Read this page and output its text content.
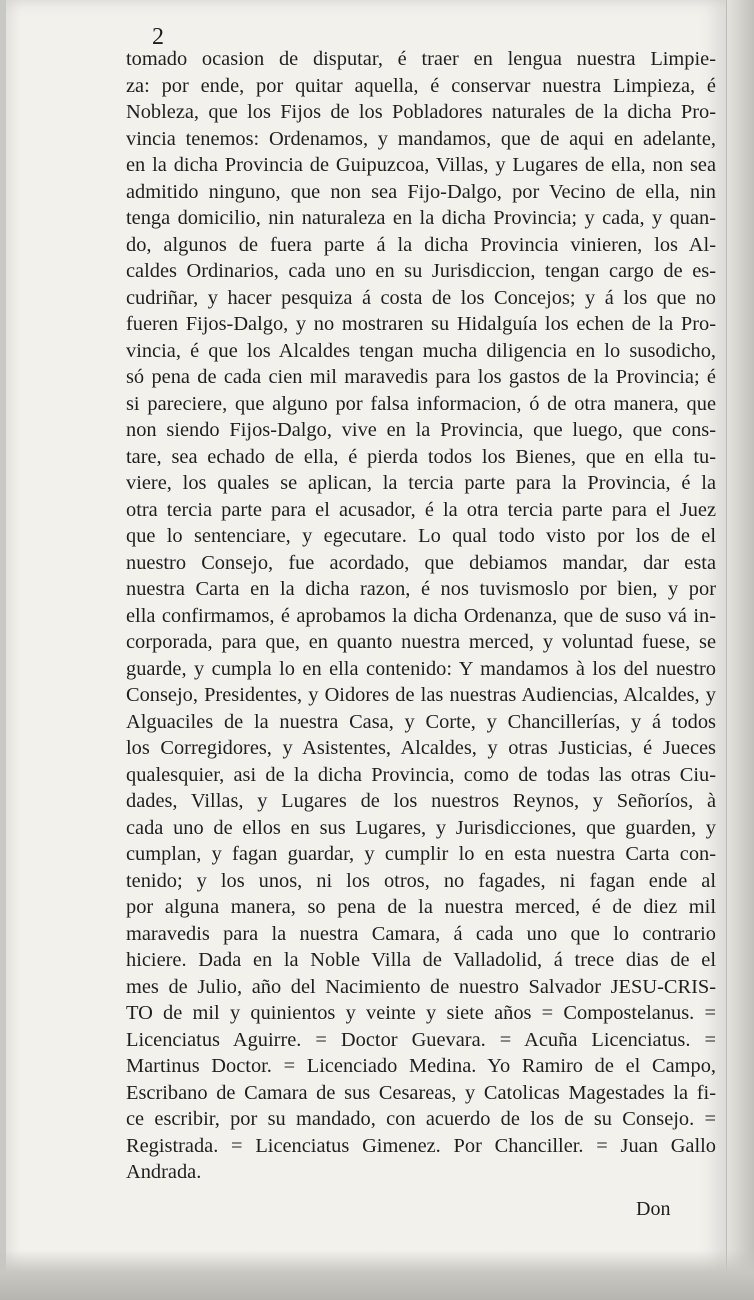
2
tomado ocasion de disputar, é traer en lengua nuestra Limpie-
za: por ende, por quitar aquella, é conservar nuestra Limpieza, é
Nobleza, que los Fijos de los Pobladores naturales de la dicha Pro-
vincia tenemos: Ordenamos, y mandamos, que de aqui en adelante,
en la dicha Provincia de Guipuzcoa, Villas, y Lugares de ella, non sea
admitido ninguno, que non sea Fijo-Dalgo, por Vecino de ella, nin
tenga domicilio, nin naturaleza en la dicha Provincia; y cada, y quan-
do, algunos de fuera parte á la dicha Provincia vinieren, los Al-
caldes Ordinarios, cada uno en su Jurisdiccion, tengan cargo de es-
cudriñar, y hacer pesquiza á costa de los Concejos; y á los que no
fueren Fijos-Dalgo, y no mostraren su Hidalguía los echen de la Pro-
vincia, é que los Alcaldes tengan mucha diligencia en lo susodicho,
só pena de cada cien mil maravedis para los gastos de la Provincia; é
si pareciere, que alguno por falsa informacion, ó de otra manera, que
non siendo Fijos-Dalgo, vive en la Provincia, que luego, que cons-
tare, sea echado de ella, é pierda todos los Bienes, que en ella tu-
viere, los quales se aplican, la tercia parte para la Provincia, é la
otra tercia parte para el acusador, é la otra tercia parte para el Juez
que lo sentenciare, y egecutare. Lo qual todo visto por los de el
nuestro Consejo, fue acordado, que debiamos mandar, dar esta
nuestra Carta en la dicha razon, é nos tuvismoslo por bien, y por
ella confirmamos, é aprobamos la dicha Ordenanza, que de suso vá in-
corporada, para que, en quanto nuestra merced, y voluntad fuese, se
guarde, y cumpla lo en ella contenido: Y mandamos à los del nuestro
Consejo, Presidentes, y Oidores de las nuestras Audiencias, Alcaldes, y
Alguaciles de la nuestra Casa, y Corte, y Chancillerías, y á todos
los Corregidores, y Asistentes, Alcaldes, y otras Justicias, é Jueces
qualesquier, asi de la dicha Provincia, como de todas las otras Ciu-
dades, Villas, y Lugares de los nuestros Reynos, y Señoríos, à
cada uno de ellos en sus Lugares, y Jurisdicciones, que guarden, y
cumplan, y fagan guardar, y cumplir lo en esta nuestra Carta con-
tenido; y los unos, ni los otros, no fagades, ni fagan ende al
por alguna manera, so pena de la nuestra merced, é de diez mil
maravedis para la nuestra Camara, á cada uno que lo contrario
hiciere. Dada en la Noble Villa de Valladolid, á trece dias de el
mes de Julio, año del Nacimiento de nuestro Salvador JESU-CRIS-
TO de mil y quinientos y veinte y siete años = Compostelanus. =
Licenciatus Aguirre. = Doctor Guevara. = Acuña Licenciatus. =
Martinus Doctor. = Licenciado Medina. Yo Ramiro de el Campo,
Escribano de Camara de sus Cesareas, y Catolicas Magestades la fi-
ce escribir, por su mandado, con acuerdo de los de su Consejo. =
Registrada. = Licenciatus Gimenez. Por Chanciller. = Juan Gallo
Andrada.
Don
